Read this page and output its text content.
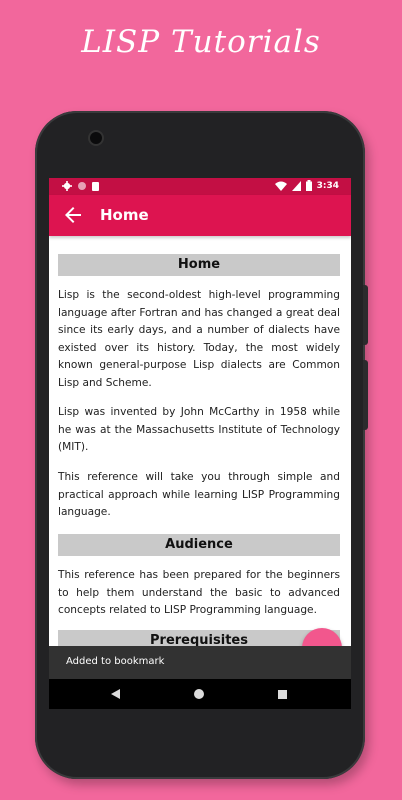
LISP Tutorials
3:34
Home
Home
Lisp is the second-oldest high-level programming language after Fortran and has changed a great deal since its early days, and a number of dialects have existed over its history. Today, the most widely known general-purpose Lisp dialects are Common Lisp and Scheme.
Lisp was invented by John McCarthy in 1958 while he was at the Massachusetts Institute of Technology (MIT).
This reference will take you through simple and practical approach while learning LISP Programming language.
Audience
This reference has been prepared for the beginners to help them understand the basic to advanced concepts related to LISP Programming language.
Prerequisites
Added to bookmark
